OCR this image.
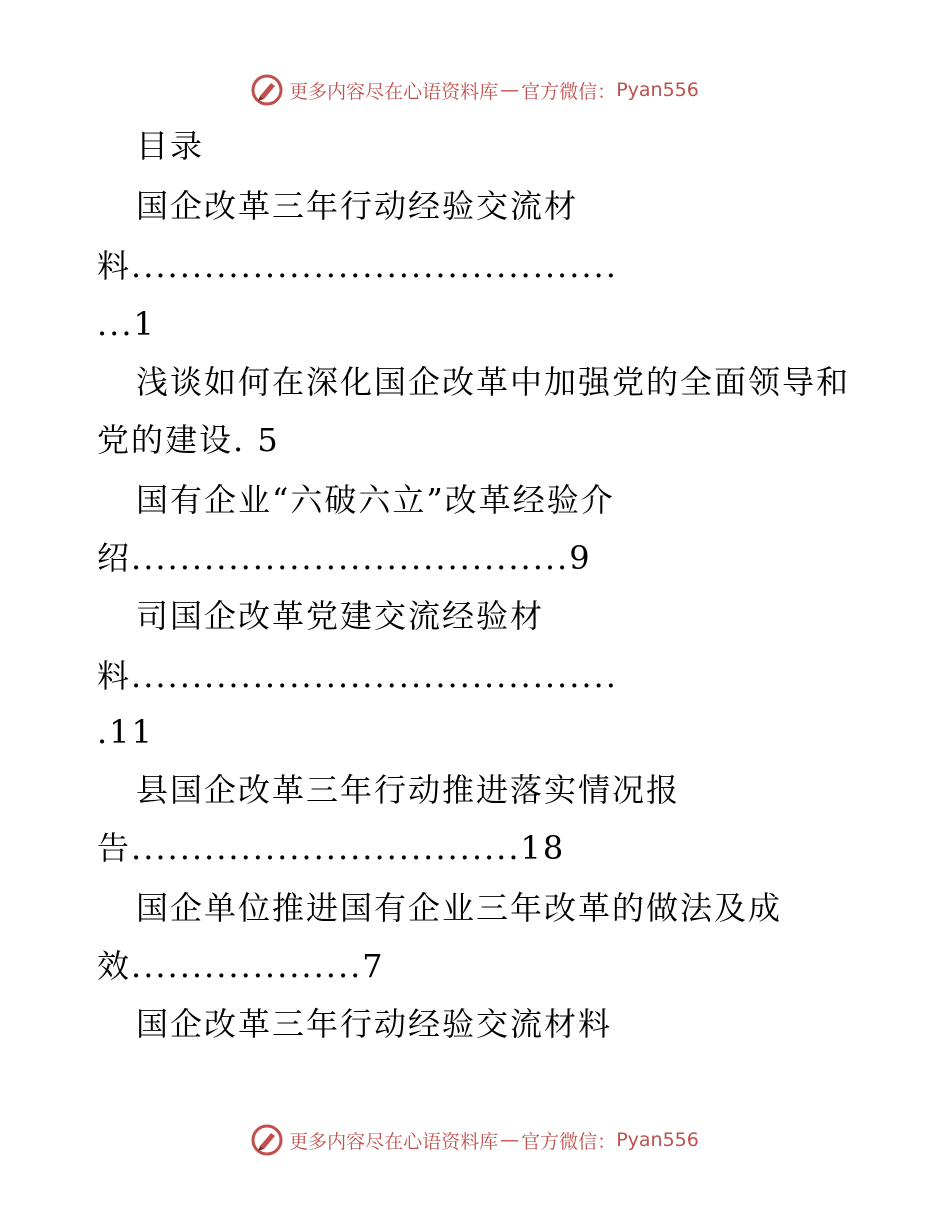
更多内容尽在心语资料库 — 官方微信： Pyan556
目录
国企改革三年行动经验交流材
料........................................
...1
浅谈如何在深化国企改革中加强党的全面领导和
党的建设. 5
国有企业“六破六立”改革经验介
绍....................................9
司国企改革党建交流经验材
料........................................
.11
县国企改革三年行动推进落实情况报
告................................18
国企单位推进国有企业三年改革的做法及成
效...................7
国企改革三年行动经验交流材料
更多内容尽在心语资料库 — 官方微信： Pyan556
